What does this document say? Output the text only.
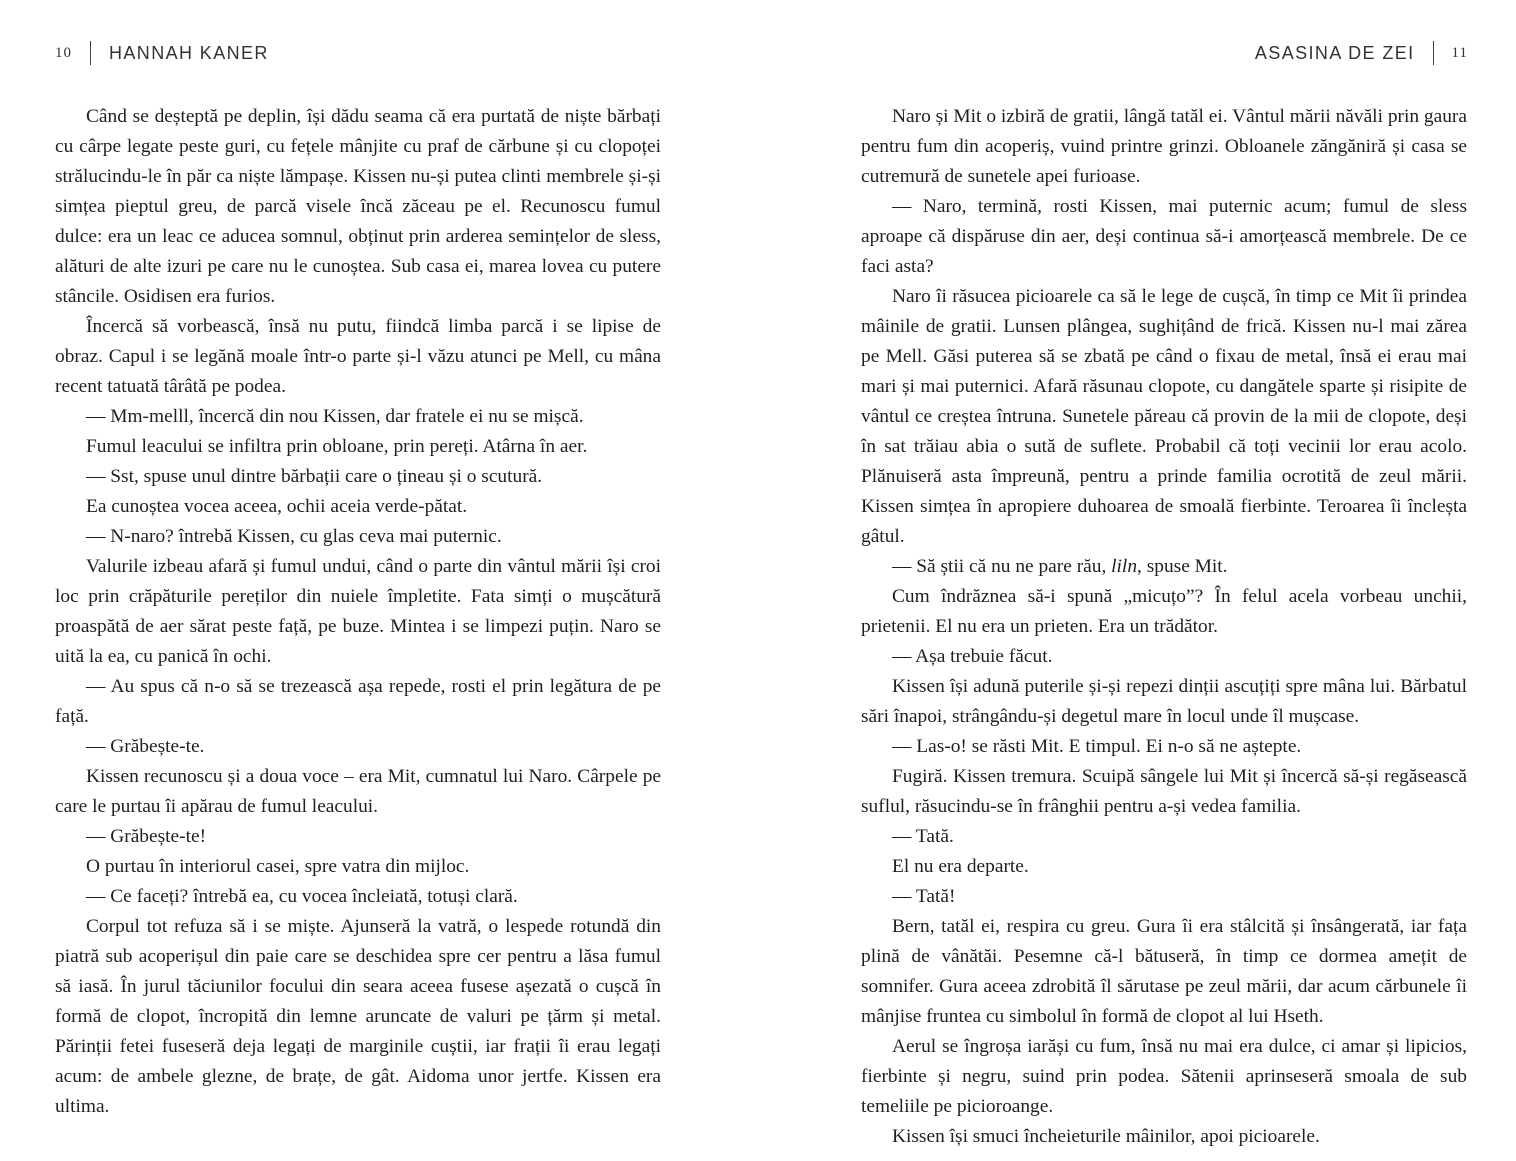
10 HANNAH KANER

Când se deșteptă pe deplin, își dădu seama că era purtată de niște bărbați cu cârpe legate peste guri, cu fețele mânjite cu praf de cărbune și cu clopoței strălucindu-le în păr ca niște lămpașe. Kissen nu-și putea clinti membrele și-și simțea pieptul greu, de parcă visele încă zăceau pe el. Recunoscu fumul dulce: era un leac ce aducea somnul, obținut prin arderea semințelor de sless, alături de alte izuri pe care nu le cunoștea. Sub casa ei, marea lovea cu putere stâncile. Osidisen era furios.

Încercă să vorbească, însă nu putu, fiindcă limba parcă i se lipise de obraz. Capul i se legănă moale într-o parte și-l văzu atunci pe Mell, cu mâna recent tatuată târâtă pe podea.

— Mm-melll, încercă din nou Kissen, dar fratele ei nu se mișcă.

Fumul leacului se infiltra prin obloane, prin pereți. Atârna în aer.

— Sst, spuse unul dintre bărbații care o țineau și o scutură.

Ea cunoștea vocea aceea, ochii aceia verde-pătat.

— N-naro? întrebă Kissen, cu glas ceva mai puternic.

Valurile izbeau afară și fumul undui, când o parte din vântul mării își croi loc prin crăpăturile pereților din nuiele împletite. Fata simți o mușcătură proaspătă de aer sărat peste față, pe buze. Mintea i se limpezi puțin. Naro se uită la ea, cu panică în ochi.

— Au spus că n-o să se trezească așa repede, rosti el prin legătura de pe față.

— Grăbește-te.

Kissen recunoscu și a doua voce – era Mit, cumnatul lui Naro. Cârpele pe care le purtau îi apărau de fumul leacului.

— Grăbește-te!

O purtau în interiorul casei, spre vatra din mijloc.

— Ce faceți? întrebă ea, cu vocea încleiată, totuși clară.

Corpul tot refuza să i se miște. Ajunseră la vatră, o lespede rotundă din piatră sub acoperișul din paie care se deschidea spre cer pentru a lăsa fumul să iasă. În jurul tăciunilor focului din seara aceea fusese așezată o cușcă în formă de clopot, încropită din lemne aruncate de valuri pe țărm și metal. Părinții fetei fuseseră deja legați de marginile cuștii, iar frații îi erau legați acum: de ambele glezne, de brațe, de gât. Aidoma unor jertfe. Kissen era ultima.

ASASINA DE ZEI 11

Naro și Mit o izbiră de gratii, lângă tatăl ei. Vântul mării năvăli prin gaura pentru fum din acoperiș, vuind printre grinzi. Obloanele zăngăniră și casa se cutremură de sunetele apei furioase.

— Naro, termină, rosti Kissen, mai puternic acum; fumul de sless aproape că dispăruse din aer, deși continua să-i amorțească membrele. De ce faci asta?

Naro îi răsucea picioarele ca să le lege de cușcă, în timp ce Mit îi prindea mâinile de gratii. Lunsen plângea, sughițând de frică. Kissen nu-l mai zărea pe Mell. Găsi puterea să se zbată pe când o fixau de metal, însă ei erau mai mari și mai puternici. Afară răsunau clopote, cu dangătele sparte și risipite de vântul ce creștea întruna. Sunetele păreau că provin de la mii de clopote, deși în sat trăiau abia o sută de suflete. Probabil că toți vecinii lor erau acolo. Plănuiseră asta împreună, pentru a prinde familia ocrotită de zeul mării. Kissen simțea în apropiere duhoarea de smoală fierbinte. Teroarea îi încleșta gâtul.

— Să știi că nu ne pare rău, liln, spuse Mit.

Cum îndrăznea să-i spună „micuțo”? În felul acela vorbeau unchii, prietenii. El nu era un prieten. Era un trădător.

— Așa trebuie făcut.

Kissen își adună puterile și-și repezi dinții ascuțiți spre mâna lui. Bărbatul sări înapoi, strângându-și degetul mare în locul unde îl mușcase.

— Las-o! se răsti Mit. E timpul. Ei n-o să ne aștepte.

Fugiră. Kissen tremura. Scuipă sângele lui Mit și încercă să-și regăsească suflul, răsucindu-se în frânghii pentru a-și vedea familia.

— Tată.

El nu era departe.

— Tată!

Bern, tatăl ei, respira cu greu. Gura îi era stâlcită și însângerată, iar fața plină de vânătăi. Pesemne că-l bătuseră, în timp ce dormea amețit de somnifer. Gura aceea zdrobită îl sărutase pe zeul mării, dar acum cărbunele îi mânjise fruntea cu simbolul în formă de clopot al lui Hseth.

Aerul se îngroșa iarăși cu fum, însă nu mai era dulce, ci amar și lipicios, fierbinte și negru, suind prin podea. Sătenii aprinseseră smoala de sub temeliile pe picioroange.

Kissen își smuci încheieturile mâinilor, apoi picioarele.
